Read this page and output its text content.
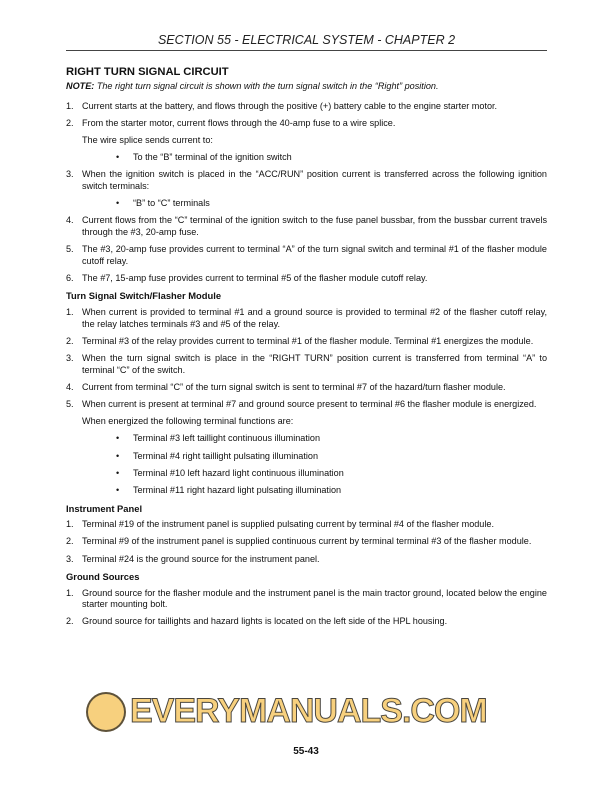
SECTION 55 - ELECTRICAL SYSTEM - CHAPTER 2
RIGHT TURN SIGNAL CIRCUIT

NOTE: The right turn signal circuit is shown with the turn signal switch in the “Right” position.

1. Current starts at the battery, and flows through the positive (+) battery cable to the engine starter motor.
2. From the starter motor, current flows through the 40-amp fuse to a wire splice.
The wire splice sends current to:
•	To the “B” terminal of the ignition switch
3. When the ignition switch is placed in the “ACC/RUN” position current is transferred across the following ignition switch terminals:
•	“B” to “C” terminals
4. Current flows from the “C” terminal of the ignition switch to the fuse panel bussbar, from the bussbar current travels through the #3, 20-amp fuse.
5. The #3, 20-amp fuse provides current to terminal “A” of the turn signal switch and terminal #1 of the flasher module cutoff relay.
6. The #7, 15-amp fuse provides current to terminal #5 of the flasher module cutoff relay.
Turn Signal Switch/Flasher Module
1. When current is provided to terminal #1 and a ground source is provided to terminal #2 of the flasher cutoff relay, the relay latches terminals #3 and #5 of the relay.
2. Terminal #3 of the relay provides current to terminal #1 of the flasher module. Terminal #1 energizes the module.
3. When the turn signal switch is place in the “RIGHT TURN” position current is transferred from terminal “A” to terminal “C” of the switch.
4. Current from terminal “C” of the turn signal switch is sent to terminal #7 of the hazard/turn flasher module.
5. When current is present at terminal #7 and ground source present to terminal #6 the flasher module is energized.
When energized the following terminal functions are:
•	Terminal #3 left taillight continuous illumination
•	Terminal #4 right taillight pulsating illumination
•	Terminal #10 left hazard light continuous illumination
•	Terminal #11 right hazard light pulsating illumination
Instrument Panel
1. Terminal #19 of the instrument panel is supplied pulsating current by terminal #4 of the flasher module.
2. Terminal #9 of the instrument panel is supplied continuous current by terminal terminal #3 of the flasher module.
3. Terminal #24 is the ground source for the instrument panel.
Ground Sources
1. Ground source for the flasher module and the instrument panel is the main tractor ground, located below the engine starter mounting bolt.
2. Ground source for taillights and hazard lights is located on the left side of the HPL housing.
EVERYMANUALS.COM
55-43
